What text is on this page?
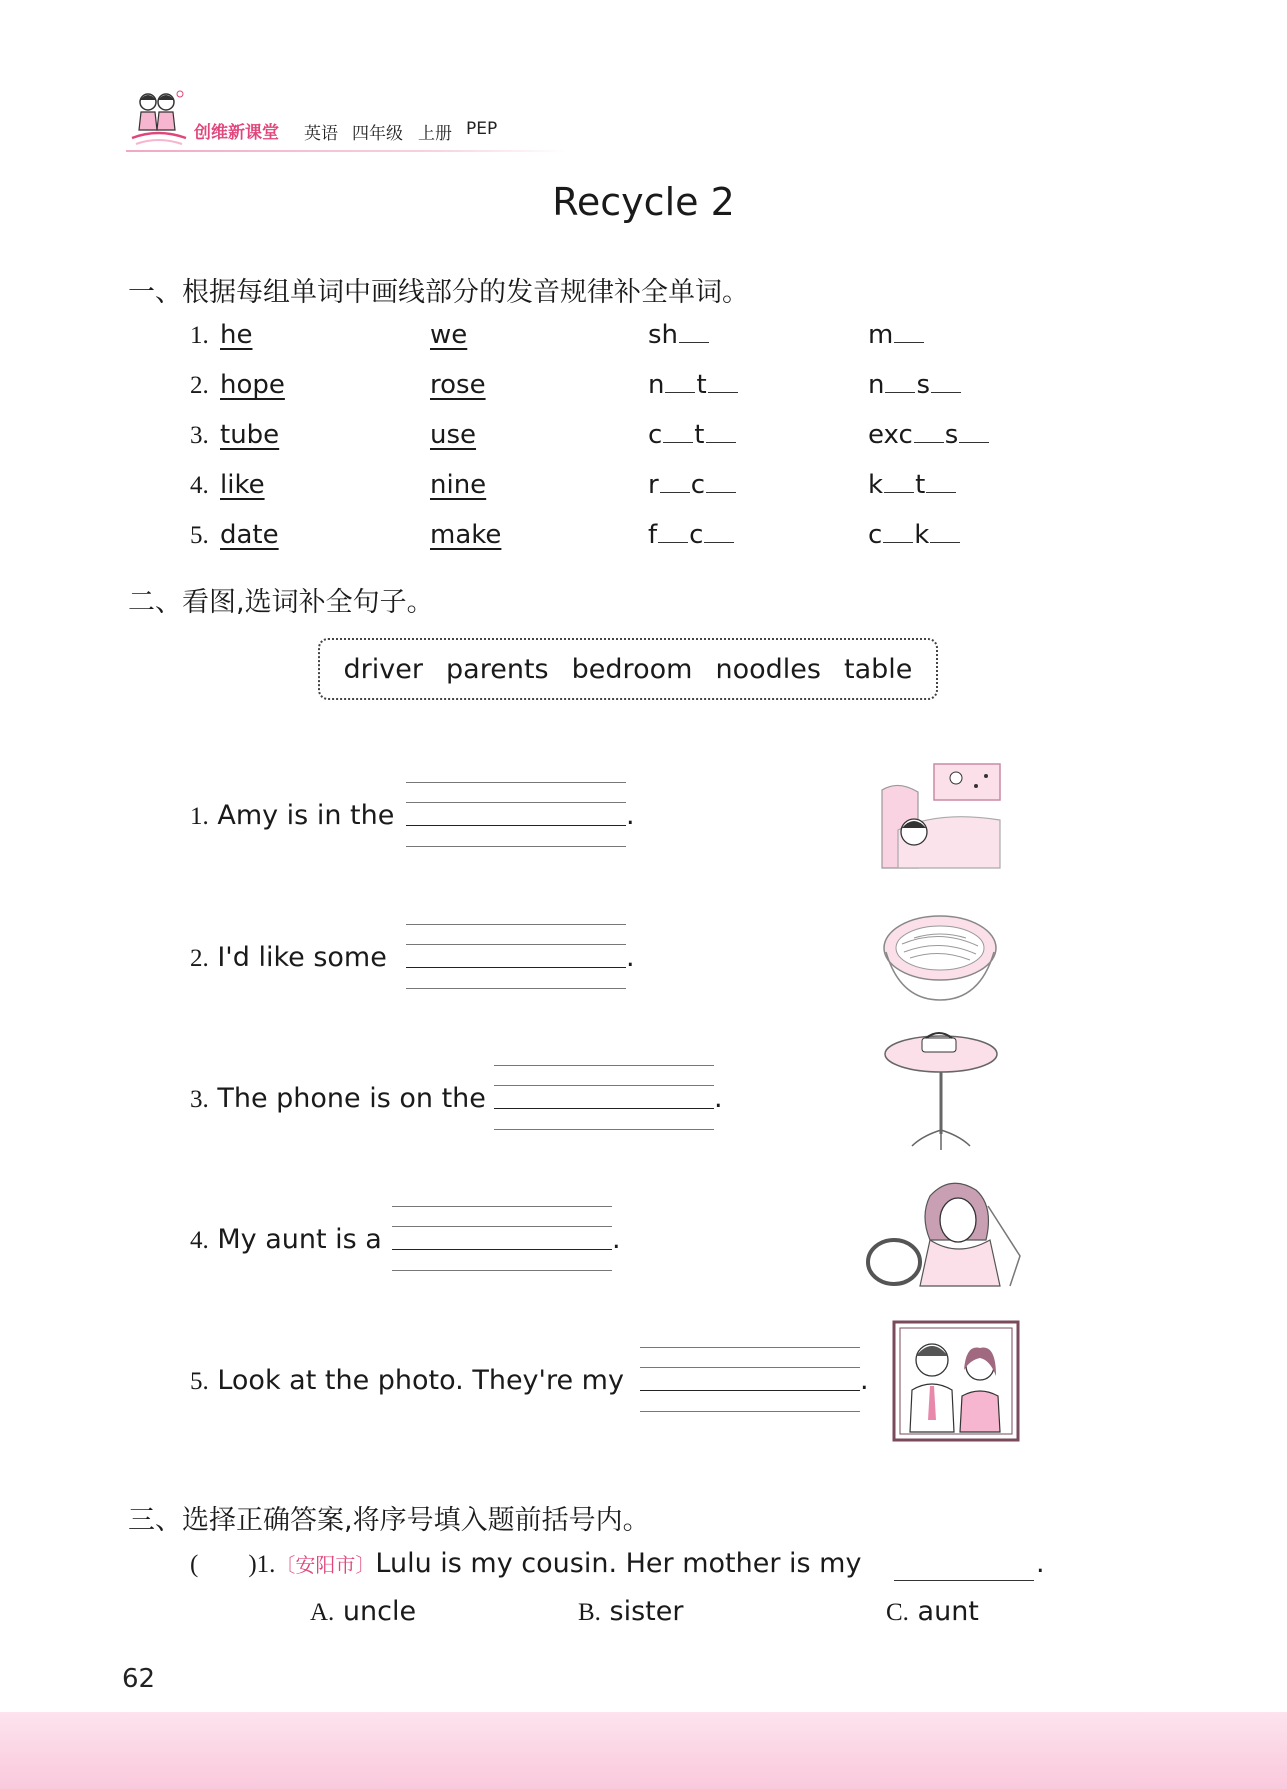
创维新课堂 英语 四年级 上册 PEP
Recycle 2
一、根据每组单词中画线部分的发音规律补全单词。
1. he	we	sh	m
2. hope	rose	n t	n s
3. tube	use	c t	exc s
4. like	nine	r c	k t
5. date	make	f c	c k
二、看图,选词补全句子。
driver parents bedroom noodles table
1. Amy is in the	.
2. I'd like some	.
3. The phone is on the	.
4. My aunt is a	.
5. Look at the photo. They're my	.
三、选择正确答案,将序号填入题前括号内。
(        )1.〔安阳市〕Lulu is my cousin. Her mother is my	.
A. uncle	B. sister	C. aunt
62
